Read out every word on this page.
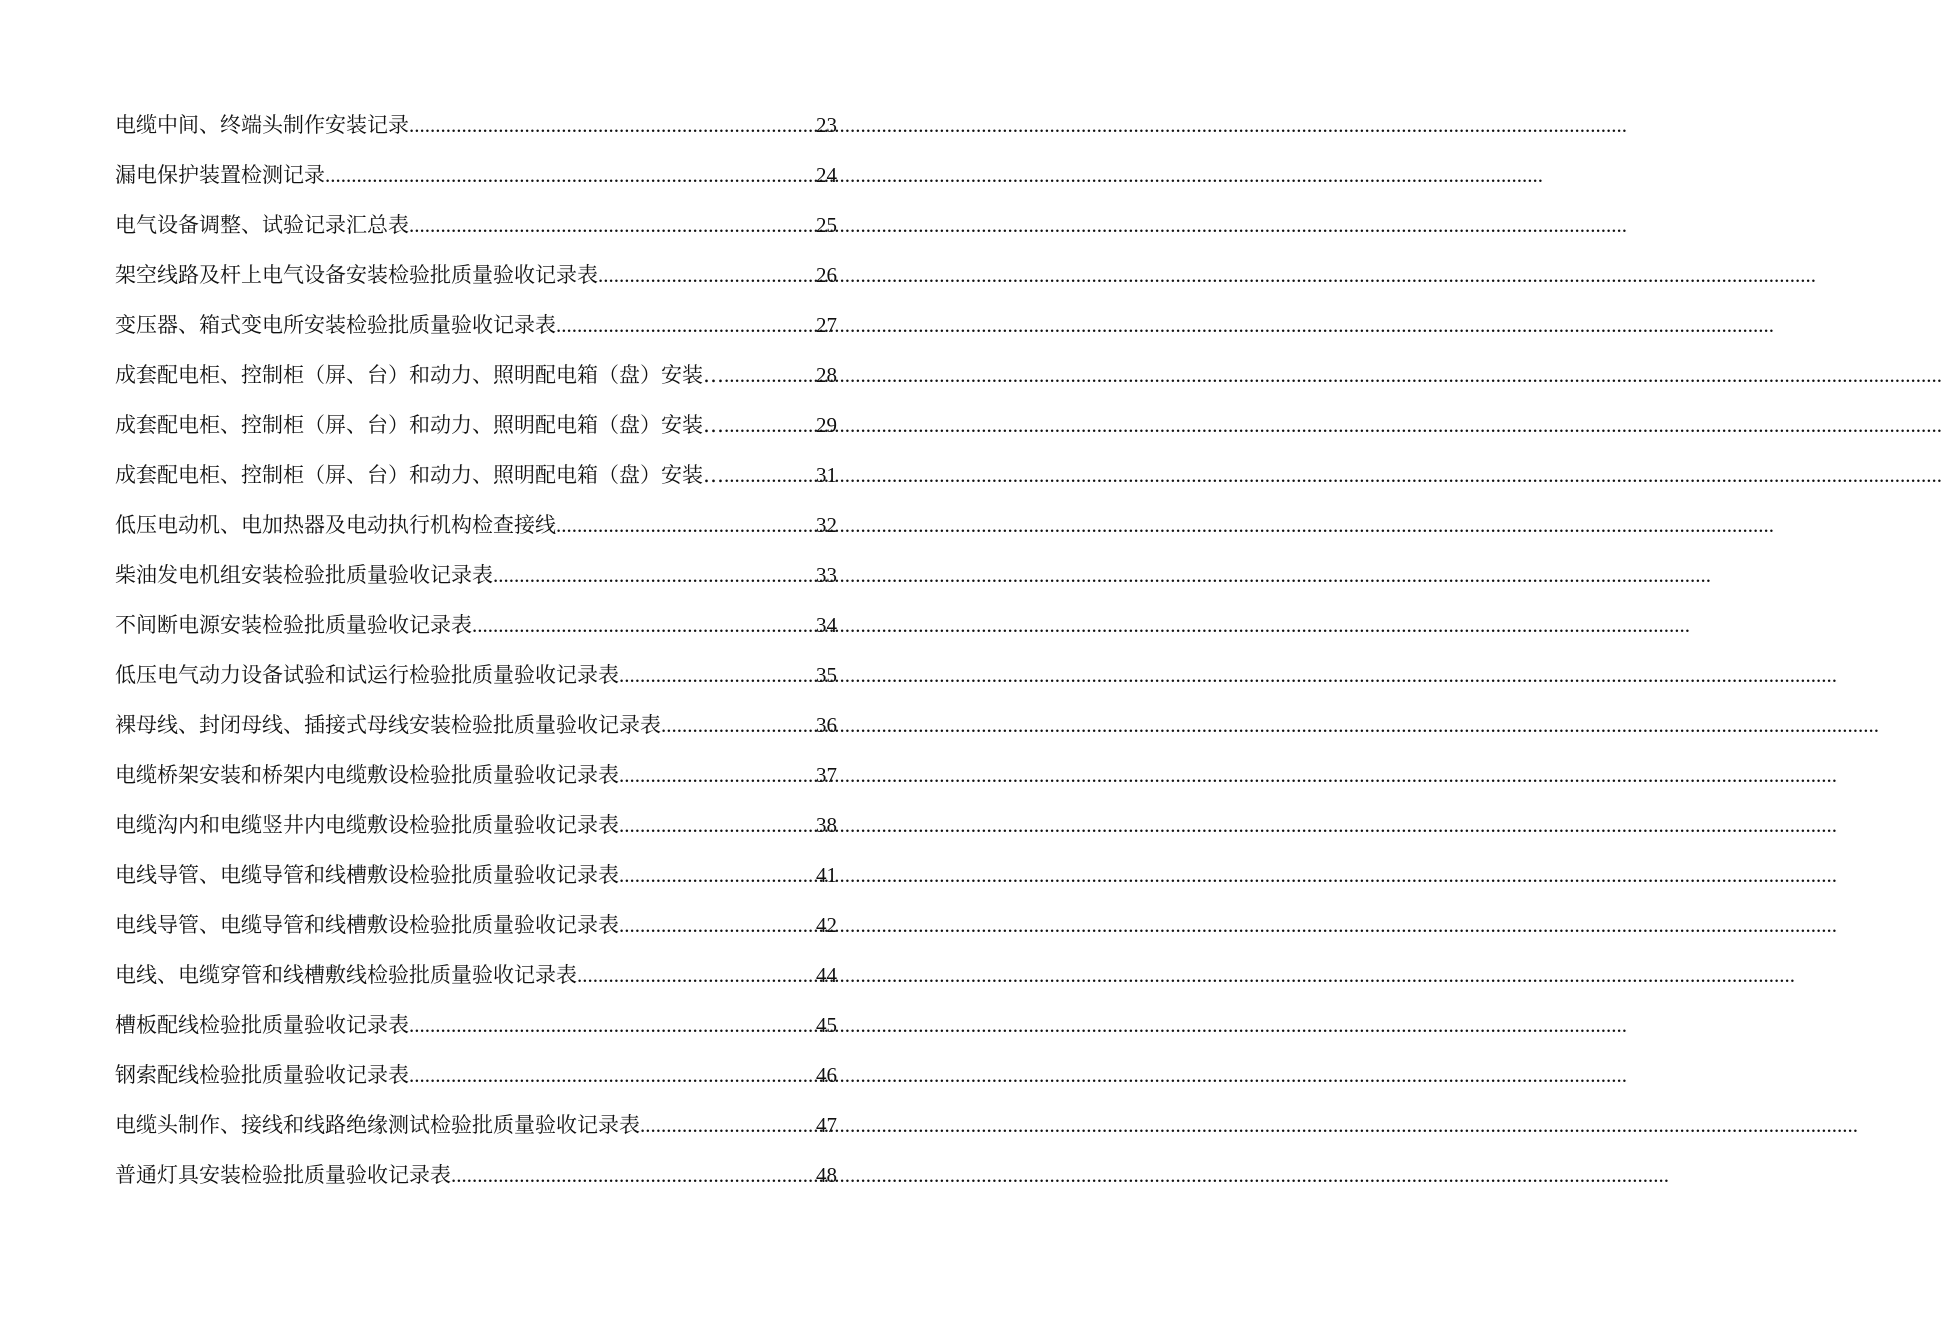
电缆中间、终端头制作安装记录 .....	23
漏电保护装置检测记录 .....	24
电气设备调整、试验记录汇总表 .....	25
架空线路及杆上电气设备安装检验批质量验收记录表 .....	26
变压器、箱式变电所安装检验批质量验收记录表 .....	27
成套配电柜、控制柜（屏、台）和动力、照明配电箱（盘）安装… .....	28
成套配电柜、控制柜（屏、台）和动力、照明配电箱（盘）安装… .....	29
成套配电柜、控制柜（屏、台）和动力、照明配电箱（盘）安装… .....	31
低压电动机、电加热器及电动执行机构检查接线 .....	32
柴油发电机组安装检验批质量验收记录表 .....	33
不间断电源安装检验批质量验收记录表 .....	34
低压电气动力设备试验和试运行检验批质量验收记录表 .....	35
裸母线、封闭母线、插接式母线安装检验批质量验收记录表 .....	36
电缆桥架安装和桥架内电缆敷设检验批质量验收记录表 .....	37
电缆沟内和电缆竖井内电缆敷设检验批质量验收记录表 .....	38
电线导管、电缆导管和线槽敷设检验批质量验收记录表 .....	41
电线导管、电缆导管和线槽敷设检验批质量验收记录表 .....	42
电线、电缆穿管和线槽敷线检验批质量验收记录表 .....	44
槽板配线检验批质量验收记录表 .....	45
钢索配线检验批质量验收记录表 .....	46
电缆头制作、接线和线路绝缘测试检验批质量验收记录表 .....	47
普通灯具安装检验批质量验收记录表 .....	48
